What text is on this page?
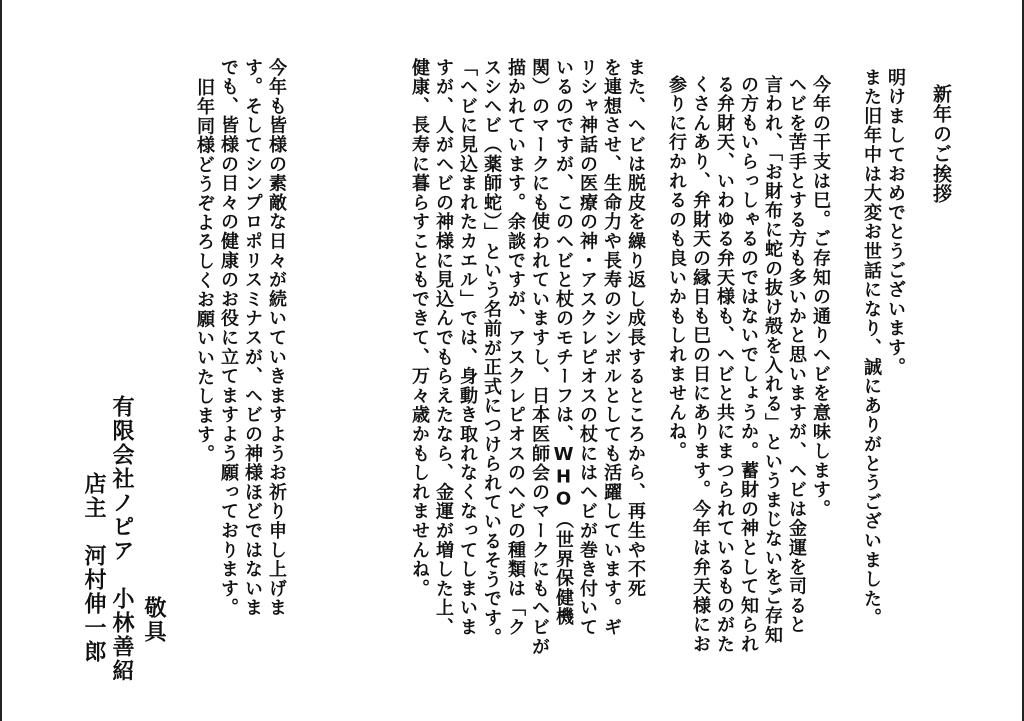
新年のご挨拶
明けましておめでとうございます。
また旧年中は大変お世話になり、誠にありがとうございました。
今年の干支は巳。ご存知の通りヘビを意味します。
ヘビを苦手とする方も多いかと思いますが、ヘビは金運を司ると
言われ、「お財布に蛇の抜け殻を入れる」というまじないをご存知
の方もいらっしゃるのではないでしょうか。蓄財の神として知られ
る弁財天、いわゆる弁天様も、ヘビと共にまつられているものがた
くさんあり、弁財天の縁日も巳の日にあります。今年は弁天様にお
参りに行かれるのも良いかもしれませんね。
また、ヘビは脱皮を繰り返し成長するところから、再生や不死
を連想させ、生命力や長寿のシンボルとしても活躍しています。ギ
リシャ神話の医療の神・アスクレピオスの杖にはヘビが巻き付いて
いるのですが、このヘビと杖のモチーフは、WHO（世界保健機
関）のマークにも使われていますし、日本医師会のマークにもヘビが
描かれています。余談ですが、アスクレピオスのヘビの種類は「ク
スシヘビ（薬師蛇）」という名前が正式につけられているそうです。
「ヘビに見込まれたカエル」では、身動き取れなくなってしまいま
すが、人がヘビの神様に見込んでもらえたなら、金運が増した上、
健康、長寿に暮らすこともできて、万々歳かもしれませんね。
今年も皆様の素敵な日々が続いていきますようお祈り申し上げま
す。そしてシンプロポリスミナスが、ヘビの神様ほどではないま
でも、皆様の日々の健康のお役に立てますよう願っております。
旧年同様どうぞよろしくお願いいたします。
敬具
有限会社ノピア　小林善紹
店主　河村伸一郎
